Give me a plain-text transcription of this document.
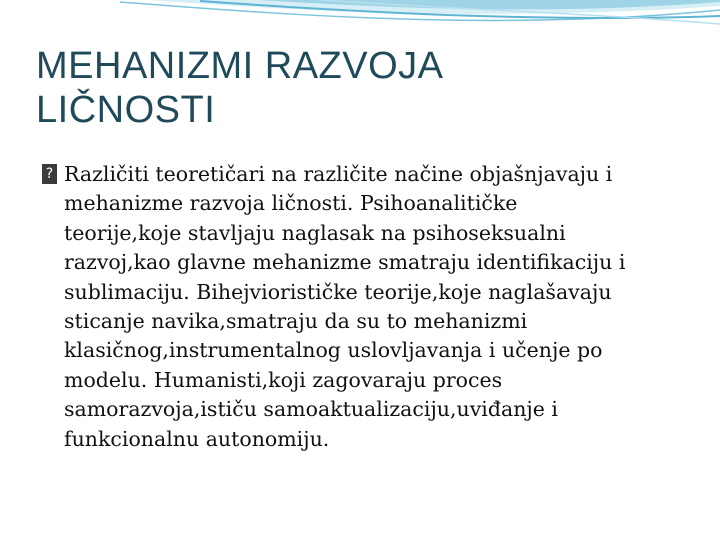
MEHANIZMI RAZVOJA
LIČNOSTI
? Različiti teoretičari na različite načine objašnjavaju i
mehanizme razvoja ličnosti. Psihoanalitičke
teorije,koje stavljaju naglasak na psihoseksualni
razvoj,kao glavne mehanizme smatraju identifikaciju i
sublimaciju. Bihejviorističke teorije,koje naglašavaju
sticanje navika,smatraju da su to mehanizmi
klasičnog,instrumentalnog uslovljavanja i učenje po
modelu. Humanisti,koji zagovaraju proces
samorazvoja,ističu samoaktualizaciju,uviđanje i
funkcionalnu autonomiju.
